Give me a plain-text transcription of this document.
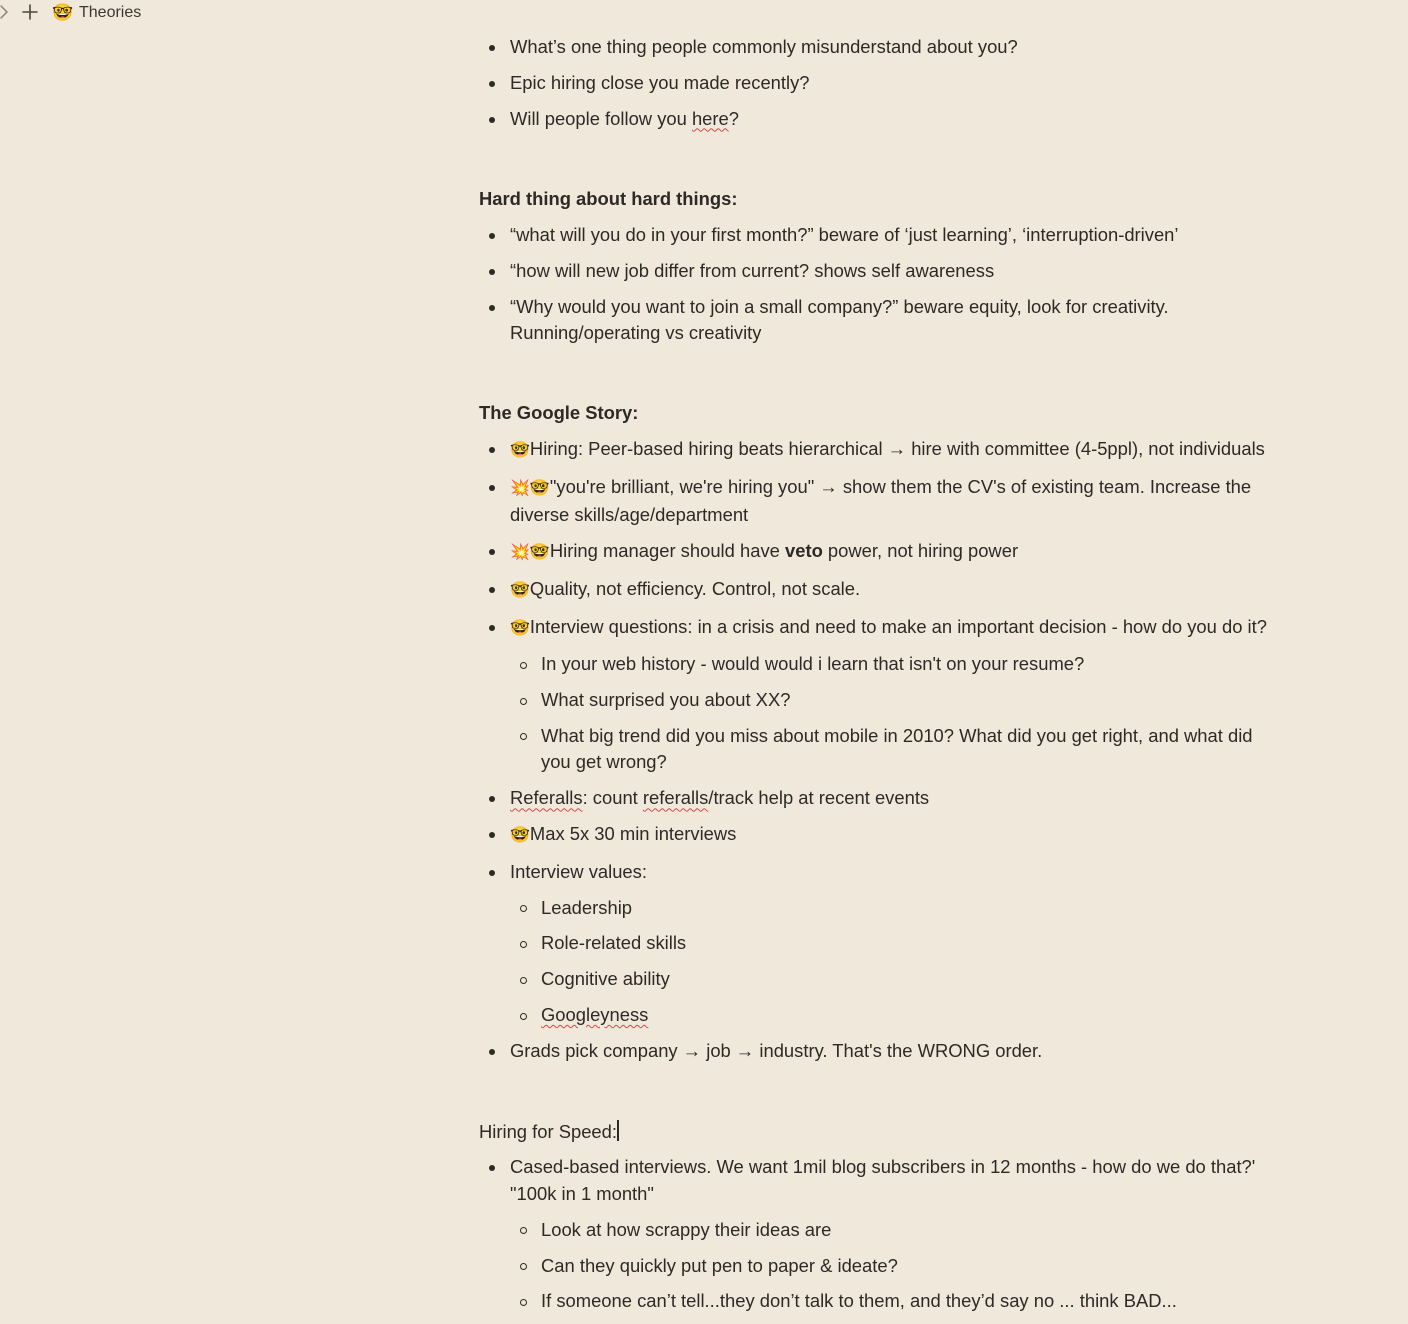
🤓 Theories
What’s one thing people commonly misunderstand about you?
Epic hiring close you made recently?
Will people follow you here?

Hard thing about hard things:

“what will you do in your first month?” beware of ‘just learning’, ‘interruption-driven’
“how will new job differ from current? shows self awareness
“Why would you want to join a small company?” beware equity, look for creativity. Running/operating vs creativity

The Google Story:

🤓Hiring: Peer-based hiring beats hierarchical → hire with committee (4-5ppl), not individuals
💥🤓"you're brilliant, we're hiring you" → show them the CV's of existing team. Increase the diverse skills/age/department
💥🤓Hiring manager should have veto power, not hiring power
🤓Quality, not efficiency. Control, not scale.
🤓Interview questions: in a crisis and need to make an important decision - how do you do it?
In your web history - would would i learn that isn't on your resume?
What surprised you about XX?
What big trend did you miss about mobile in 2010? What did you get right, and what did you get wrong?
Referalls: count referalls/track help at recent events
🤓Max 5x 30 min interviews
Interview values:
Leadership
Role-related skills
Cognitive ability
Googleyness
Grads pick company → job → industry. That's the WRONG order.

Hiring for Speed:

Cased-based interviews. We want 1mil blog subscribers in 12 months - how do we do that?' "100k in 1 month"
Look at how scrappy their ideas are
Can they quickly put pen to paper & ideate?
If someone can’t tell...they don’t talk to them, and they’d say no ... think BAD...
